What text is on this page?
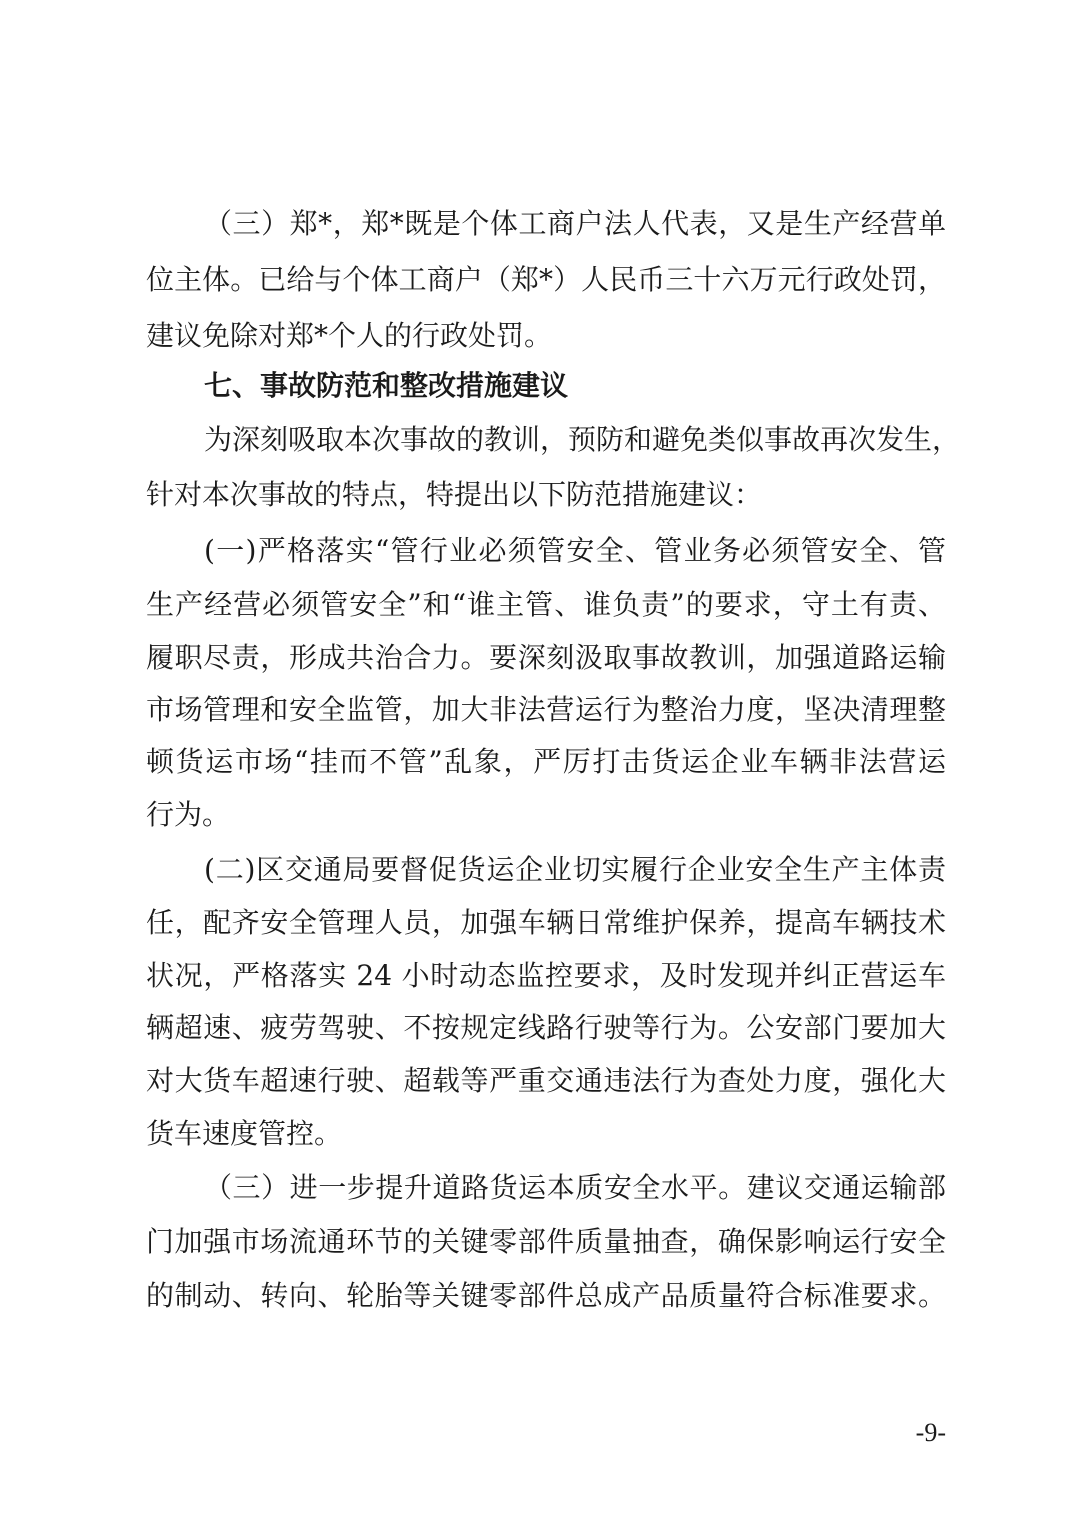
（三）郑*，郑*既是个体工商户法人代表，又是生产经营单
位主体。已给与个体工商户（郑*）人民币三十六万元行政处罚，
建议免除对郑*个人的行政处罚。
七、事故防范和整改措施建议
为深刻吸取本次事故的教训，预防和避免类似事故再次发生，
针对本次事故的特点，特提出以下防范措施建议：
(一)严格落实“管行业必须管安全、管业务必须管安全、管
生产经营必须管安全”和“谁主管、谁负责”的要求，守土有责、
履职尽责，形成共治合力。要深刻汲取事故教训，加强道路运输
市场管理和安全监管，加大非法营运行为整治力度，坚决清理整
顿货运市场“挂而不管”乱象，严厉打击货运企业车辆非法营运
行为。
(二)区交通局要督促货运企业切实履行企业安全生产主体责
任，配齐安全管理人员，加强车辆日常维护保养，提高车辆技术
状况，严格落实 24 小时动态监控要求，及时发现并纠正营运车
辆超速、疲劳驾驶、不按规定线路行驶等行为。公安部门要加大
对大货车超速行驶、超载等严重交通违法行为查处力度，强化大
货车速度管控。
（三）进一步提升道路货运本质安全水平。建议交通运输部
门加强市场流通环节的关键零部件质量抽查，确保影响运行安全
的制动、转向、轮胎等关键零部件总成产品质量符合标准要求。
-9-
